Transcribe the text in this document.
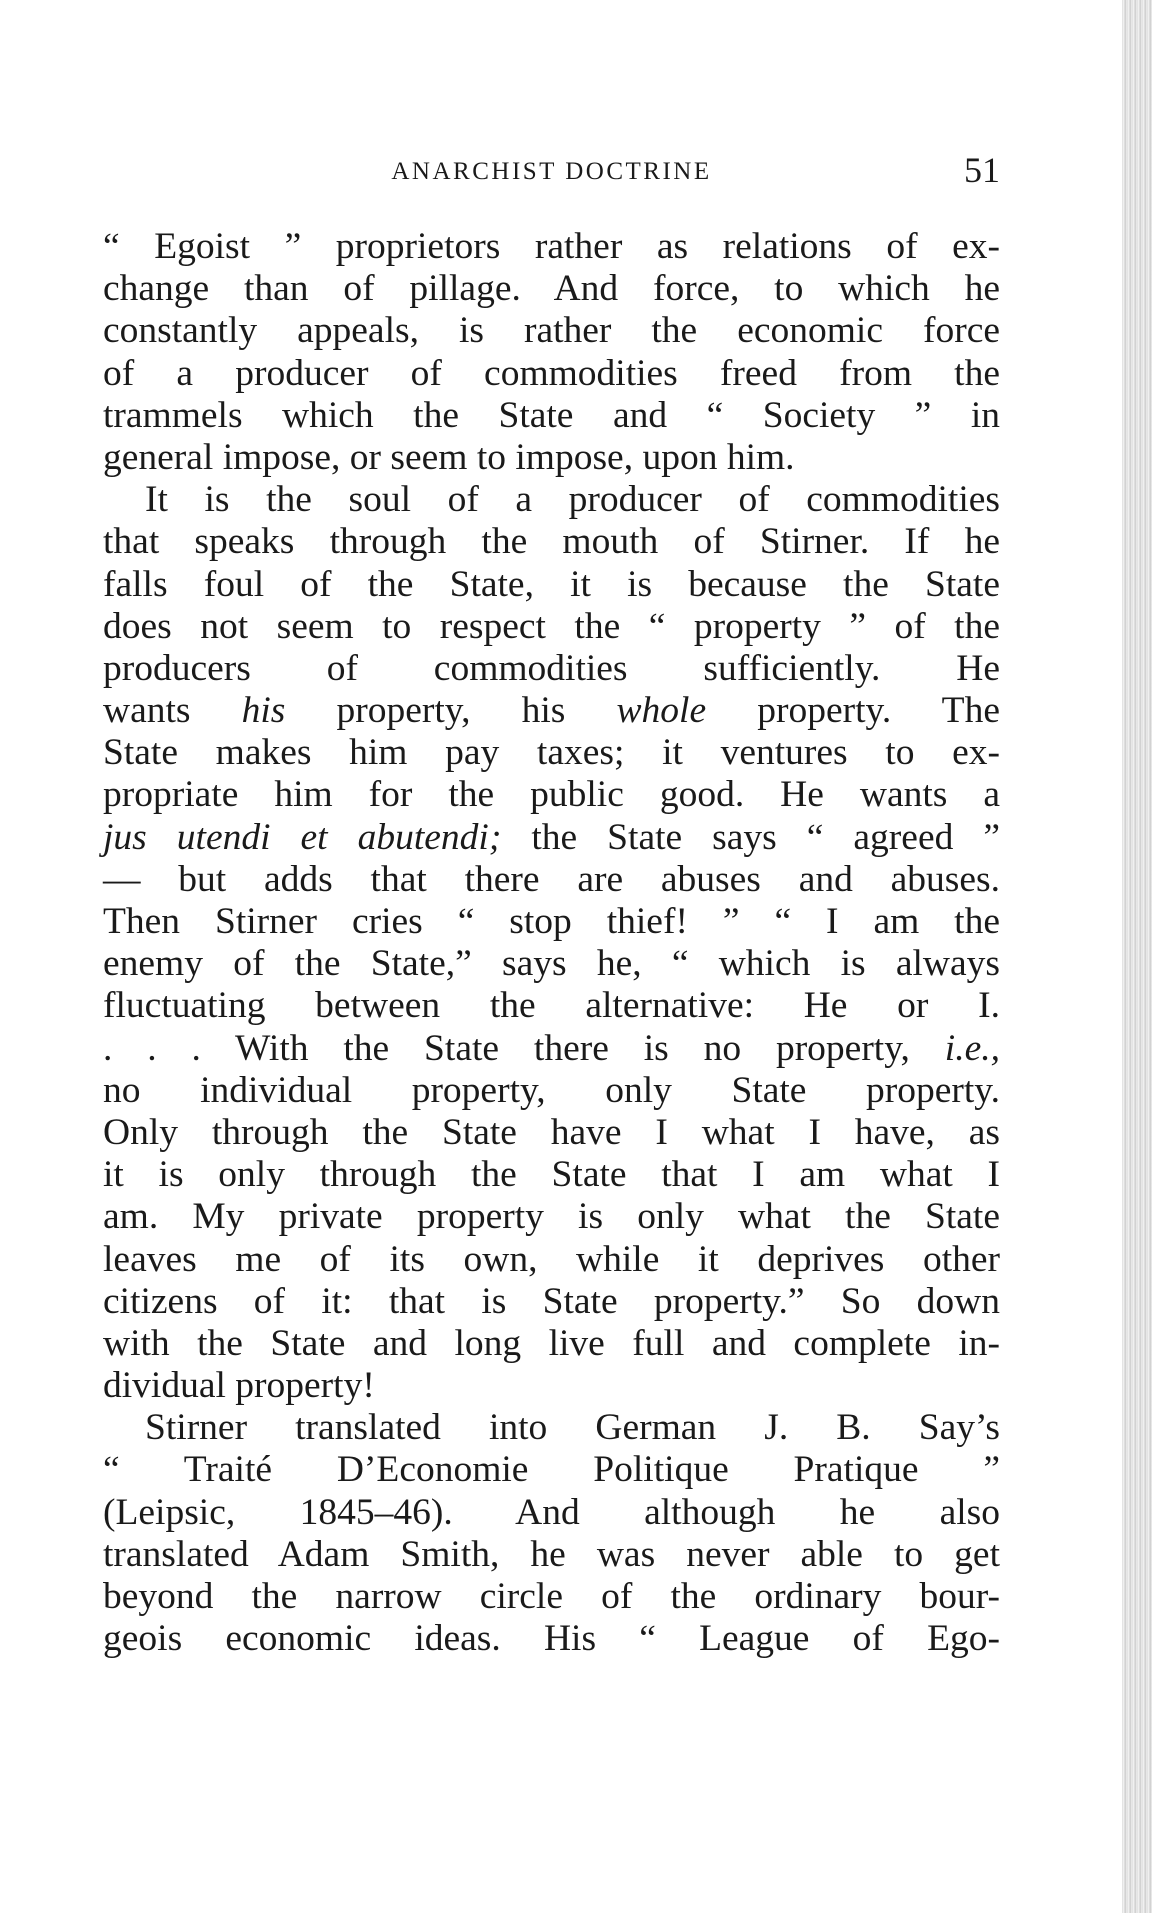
ANARCHIST DOCTRINE	51
“ Egoist ” proprietors rather as relations of ex-
change than of pillage. And force, to which he
constantly appeals, is rather the economic force
of a producer of commodities freed from the
trammels which the State and “ Society ” in
general impose, or seem to impose, upon him.
It is the soul of a producer of commodities
that speaks through the mouth of Stirner. If he
falls foul of the State, it is because the State
does not seem to respect the “ property ” of the
producers of commodities sufficiently. He
wants his property, his whole property. The
State makes him pay taxes; it ventures to ex-
propriate him for the public good. He wants a
jus utendi et abutendi; the State says “ agreed ”
— but adds that there are abuses and abuses.
Then Stirner cries “ stop thief! ” “ I am the
enemy of the State,” says he, “ which is always
fluctuating between the alternative: He or I.
. . . With the State there is no property, i.e.,
no individual property, only State property.
Only through the State have I what I have, as
it is only through the State that I am what I
am. My private property is only what the State
leaves me of its own, while it deprives other
citizens of it: that is State property.” So down
with the State and long live full and complete in-
dividual property!
Stirner translated into German J. B. Say’s
“ Traité D’Economie Politique Pratique ”
(Leipsic, 1845–46). And although he also
translated Adam Smith, he was never able to get
beyond the narrow circle of the ordinary bour-
geois economic ideas. His “ League of Ego-
